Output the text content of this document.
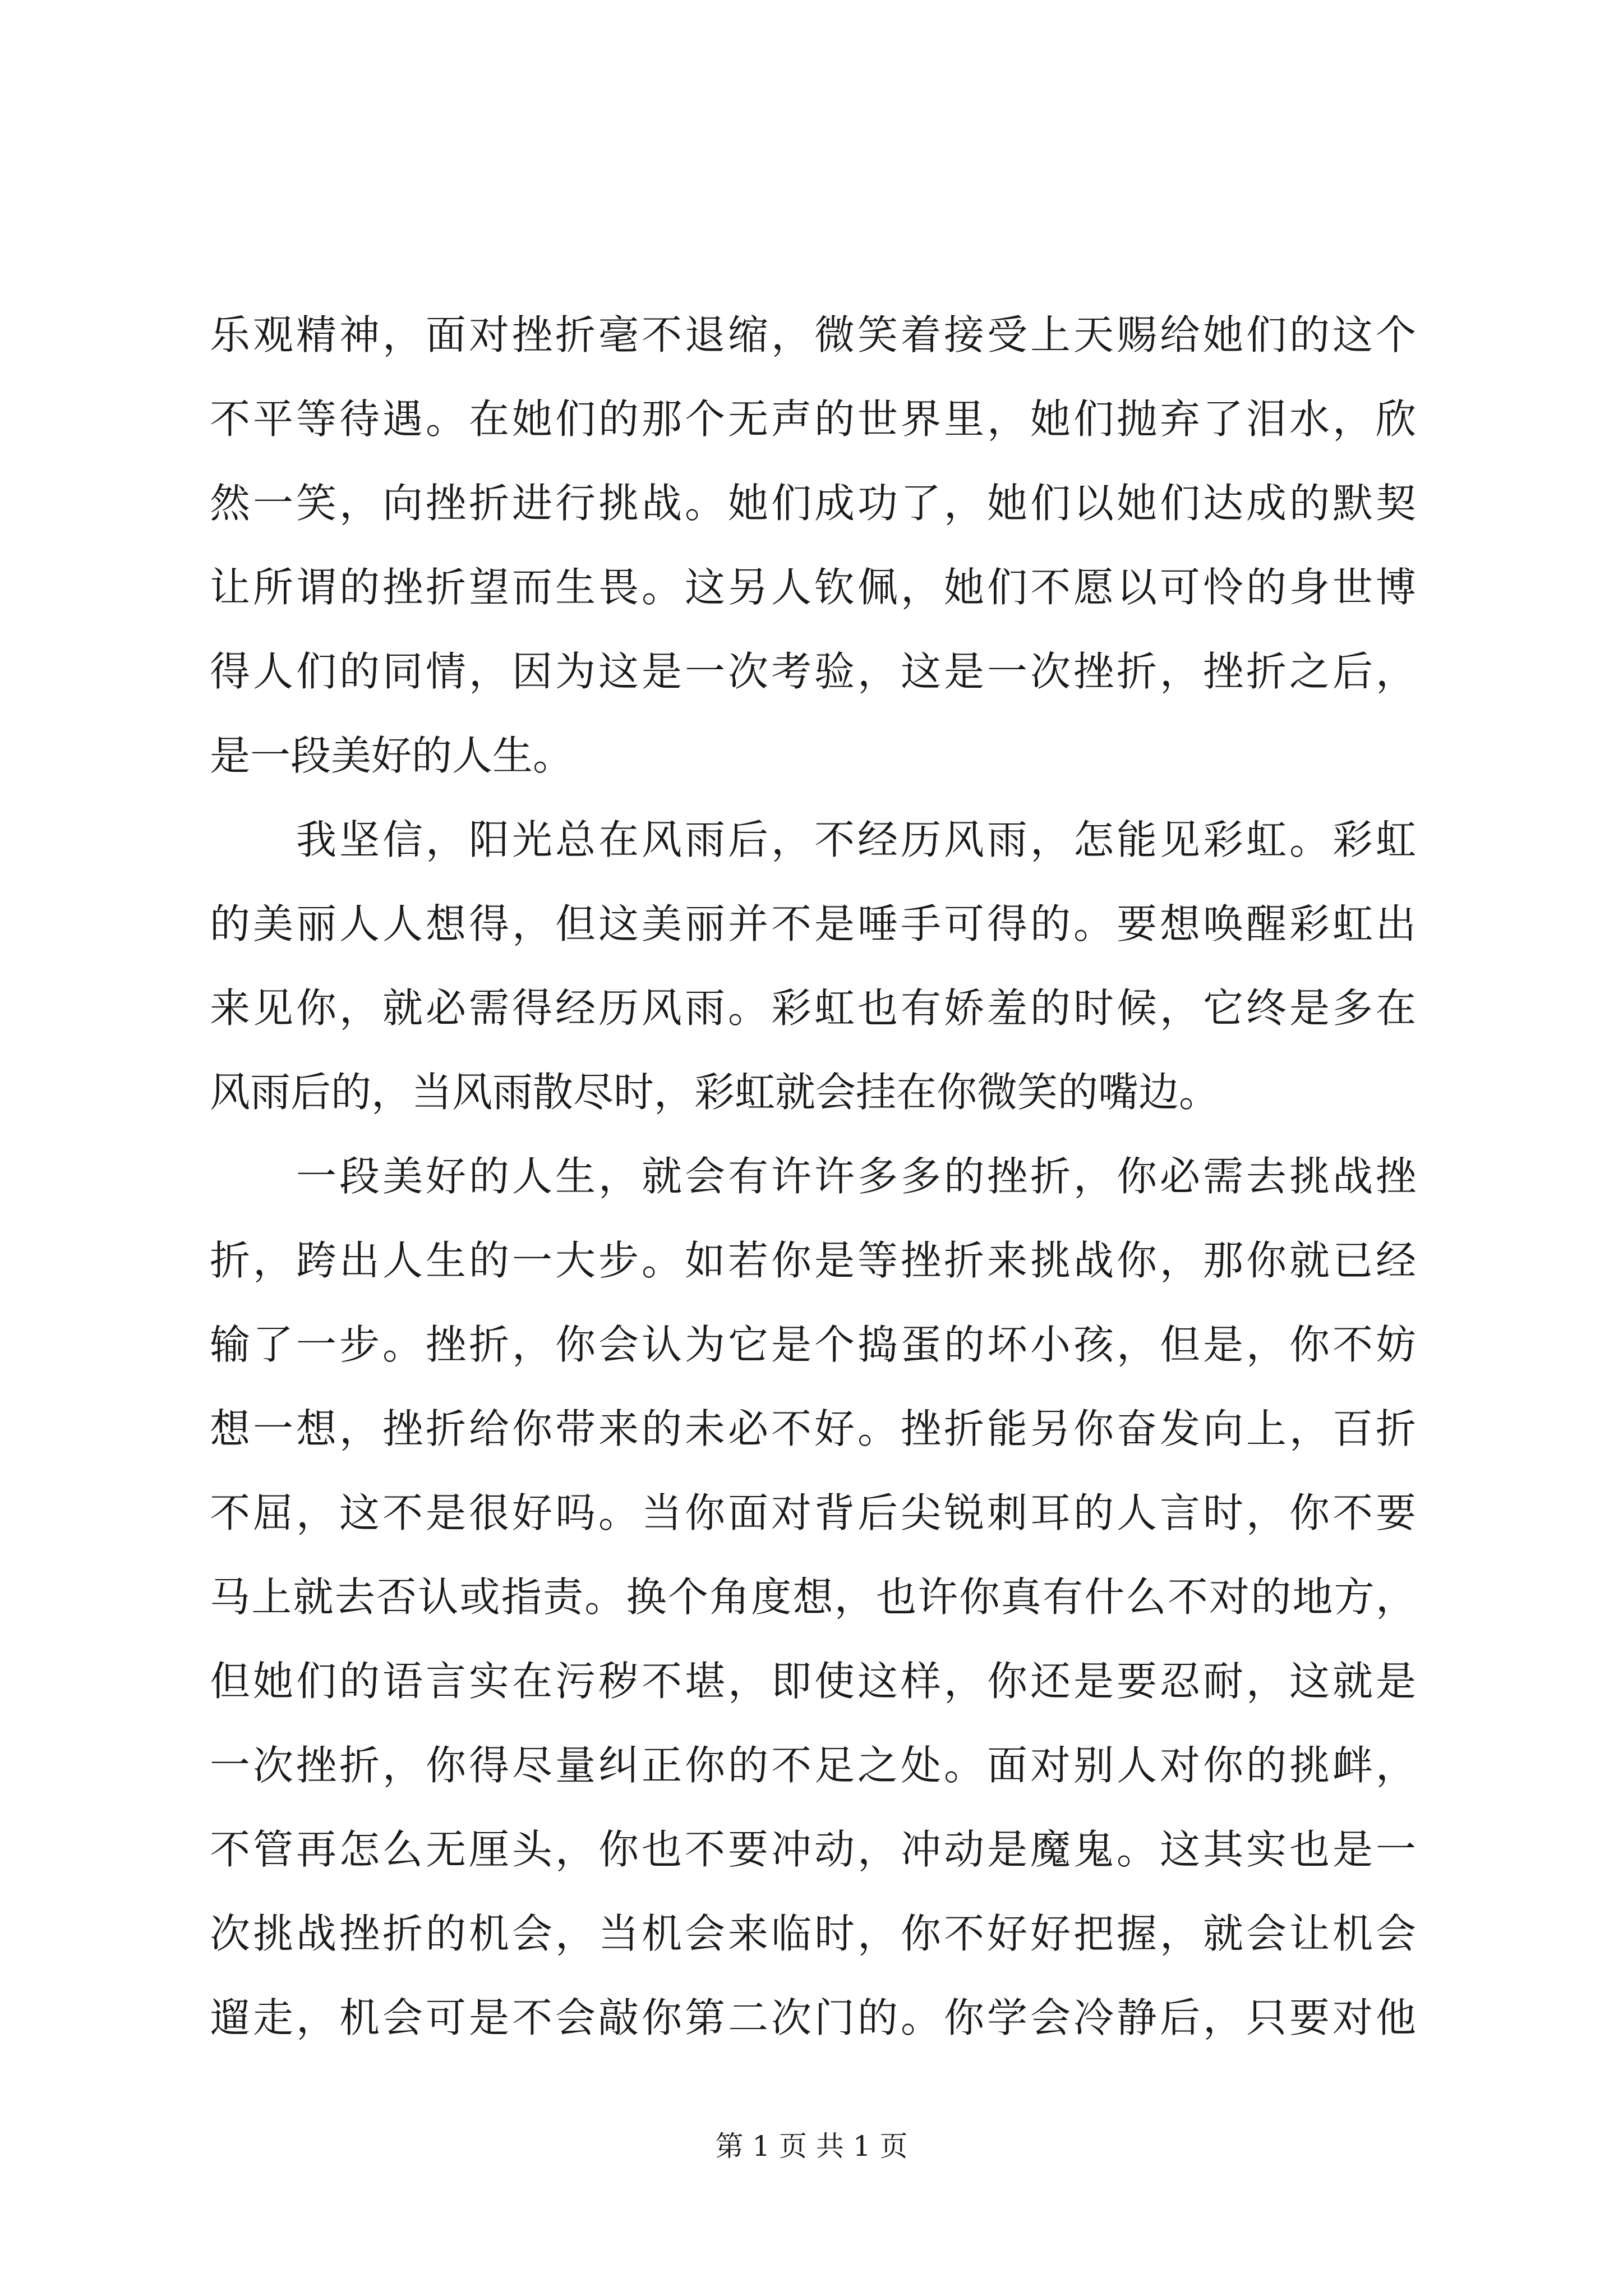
乐观精神，面对挫折毫不退缩，微笑着接受上天赐给她们的这个
不平等待遇。在她们的那个无声的世界里，她们抛弃了泪水，欣
然一笑，向挫折进行挑战。她们成功了，她们以她们达成的默契
让所谓的挫折望而生畏。这另人钦佩，她们不愿以可怜的身世博
得人们的同情，因为这是一次考验，这是一次挫折，挫折之后，
是一段美好的人生。
我坚信，阳光总在风雨后，不经历风雨，怎能见彩虹。彩虹
的美丽人人想得，但这美丽并不是唾手可得的。要想唤醒彩虹出
来见你，就必需得经历风雨。彩虹也有娇羞的时候，它终是多在
风雨后的，当风雨散尽时，彩虹就会挂在你微笑的嘴边。
一段美好的人生，就会有许许多多的挫折，你必需去挑战挫
折，跨出人生的一大步。如若你是等挫折来挑战你，那你就已经
输了一步。挫折，你会认为它是个捣蛋的坏小孩，但是，你不妨
想一想，挫折给你带来的未必不好。挫折能另你奋发向上，百折
不屈，这不是很好吗。当你面对背后尖锐刺耳的人言时，你不要
马上就去否认或指责。换个角度想，也许你真有什么不对的地方，
但她们的语言实在污秽不堪，即使这样，你还是要忍耐，这就是
一次挫折，你得尽量纠正你的不足之处。面对别人对你的挑衅，
不管再怎么无厘头，你也不要冲动，冲动是魔鬼。这其实也是一
次挑战挫折的机会，当机会来临时，你不好好把握，就会让机会
遛走，机会可是不会敲你第二次门的。你学会冷静后，只要对他
第 1 页 共 1 页
